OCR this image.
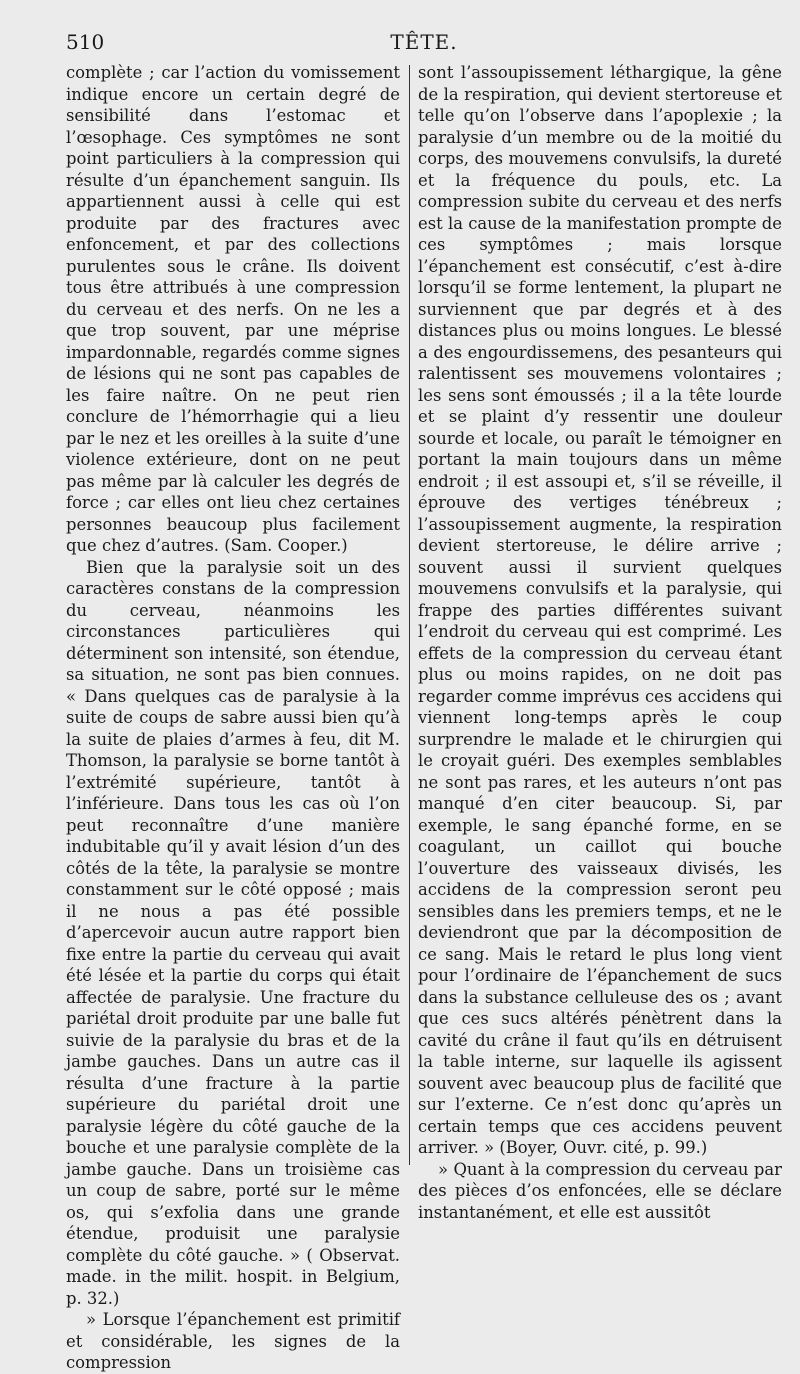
510	TÊTE.

complète ; car l’action du vomissement indique encore un certain degré de sensibilité dans l’estomac et l’œsophage. Ces symptômes ne sont point particuliers à la compression qui résulte d’un épanchement sanguin. Ils appartiennent aussi à celle qui est produite par des fractures avec enfoncement, et par des collections purulentes sous le crâne. Ils doivent tous être attribués à une compression du cerveau et des nerfs. On ne les a que trop souvent, par une méprise impardonnable, regardés comme signes de lésions qui ne sont pas capables de les faire naître. On ne peut rien conclure de l’hémorrhagie qui a lieu par le nez et les oreilles à la suite d’une violence extérieure, dont on ne peut pas même par là calculer les degrés de force ; car elles ont lieu chez certaines personnes beaucoup plus facilement que chez d’autres. (Sam. Cooper.)

Bien que la paralysie soit un des caractères constans de la compression du cerveau, néanmoins les circonstances particulières qui déterminent son intensité, son étendue, sa situation, ne sont pas bien connues. « Dans quelques cas de paralysie à la suite de coups de sabre aussi bien qu’à la suite de plaies d’armes à feu, dit M. Thomson, la paralysie se borne tantôt à l’extrémité supérieure, tantôt à l’inférieure. Dans tous les cas où l’on peut reconnaître d’une manière indubitable qu’il y avait lésion d’un des côtés de la tête, la paralysie se montre constamment sur le côté opposé ; mais il ne nous a pas été possible d’apercevoir aucun autre rapport bien fixe entre la partie du cerveau qui avait été lésée et la partie du corps qui était affectée de paralysie. Une fracture du pariétal droit produite par une balle fut suivie de la paralysie du bras et de la jambe gauches. Dans un autre cas il résulta d’une fracture à la partie supérieure du pariétal droit une paralysie légère du côté gauche de la bouche et une paralysie complète de la jambe gauche. Dans un troisième cas un coup de sabre, porté sur le même os, qui s’exfolia dans une grande étendue, produisit une paralysie complète du côté gauche. » ( Observat. made. in the milit. hospit. in Belgium, p. 32.)

» Lorsque l’épanchement est primitif et considérable, les signes de la compression

sont l’assoupissement léthargique, la gêne de la respiration, qui devient stertoreuse et telle qu’on l’observe dans l’apoplexie ; la paralysie d’un membre ou de la moitié du corps, des mouvemens convulsifs, la dureté et la fréquence du pouls, etc. La compression subite du cerveau et des nerfs est la cause de la manifestation prompte de ces symptômes ; mais lorsque l’épanchement est consécutif, c’est à-dire lorsqu’il se forme lentement, la plupart ne surviennent que par degrés et à des distances plus ou moins longues. Le blessé a des engourdissemens, des pesanteurs qui ralentissent ses mouvemens volontaires ; les sens sont émoussés ; il a la tête lourde et se plaint d’y ressentir une douleur sourde et locale, ou paraît le témoigner en portant la main toujours dans un même endroit ; il est assoupi et, s’il se réveille, il éprouve des vertiges ténébreux ; l’assoupissement augmente, la respiration devient stertoreuse, le délire arrive ; souvent aussi il survient quelques mouvemens convulsifs et la paralysie, qui frappe des parties différentes suivant l’endroit du cerveau qui est comprimé. Les effets de la compression du cerveau étant plus ou moins rapides, on ne doit pas regarder comme imprévus ces accidens qui viennent long-temps après le coup surprendre le malade et le chirurgien qui le croyait guéri. Des exemples semblables ne sont pas rares, et les auteurs n’ont pas manqué d’en citer beaucoup. Si, par exemple, le sang épanché forme, en se coagulant, un caillot qui bouche l’ouverture des vaisseaux divisés, les accidens de la compression seront peu sensibles dans les premiers temps, et ne le deviendront que par la décomposition de ce sang. Mais le retard le plus long vient pour l’ordinaire de l’épanchement de sucs dans la substance celluleuse des os ; avant que ces sucs altérés pénètrent dans la cavité du crâne il faut qu’ils en détruisent la table interne, sur laquelle ils agissent souvent avec beaucoup plus de facilité que sur l’externe. Ce n’est donc qu’après un certain temps que ces accidens peuvent arriver. » (Boyer, Ouvr. cité, p. 99.)

» Quant à la compression du cerveau par des pièces d’os enfoncées, elle se déclare instantanément, et elle est aussitôt
